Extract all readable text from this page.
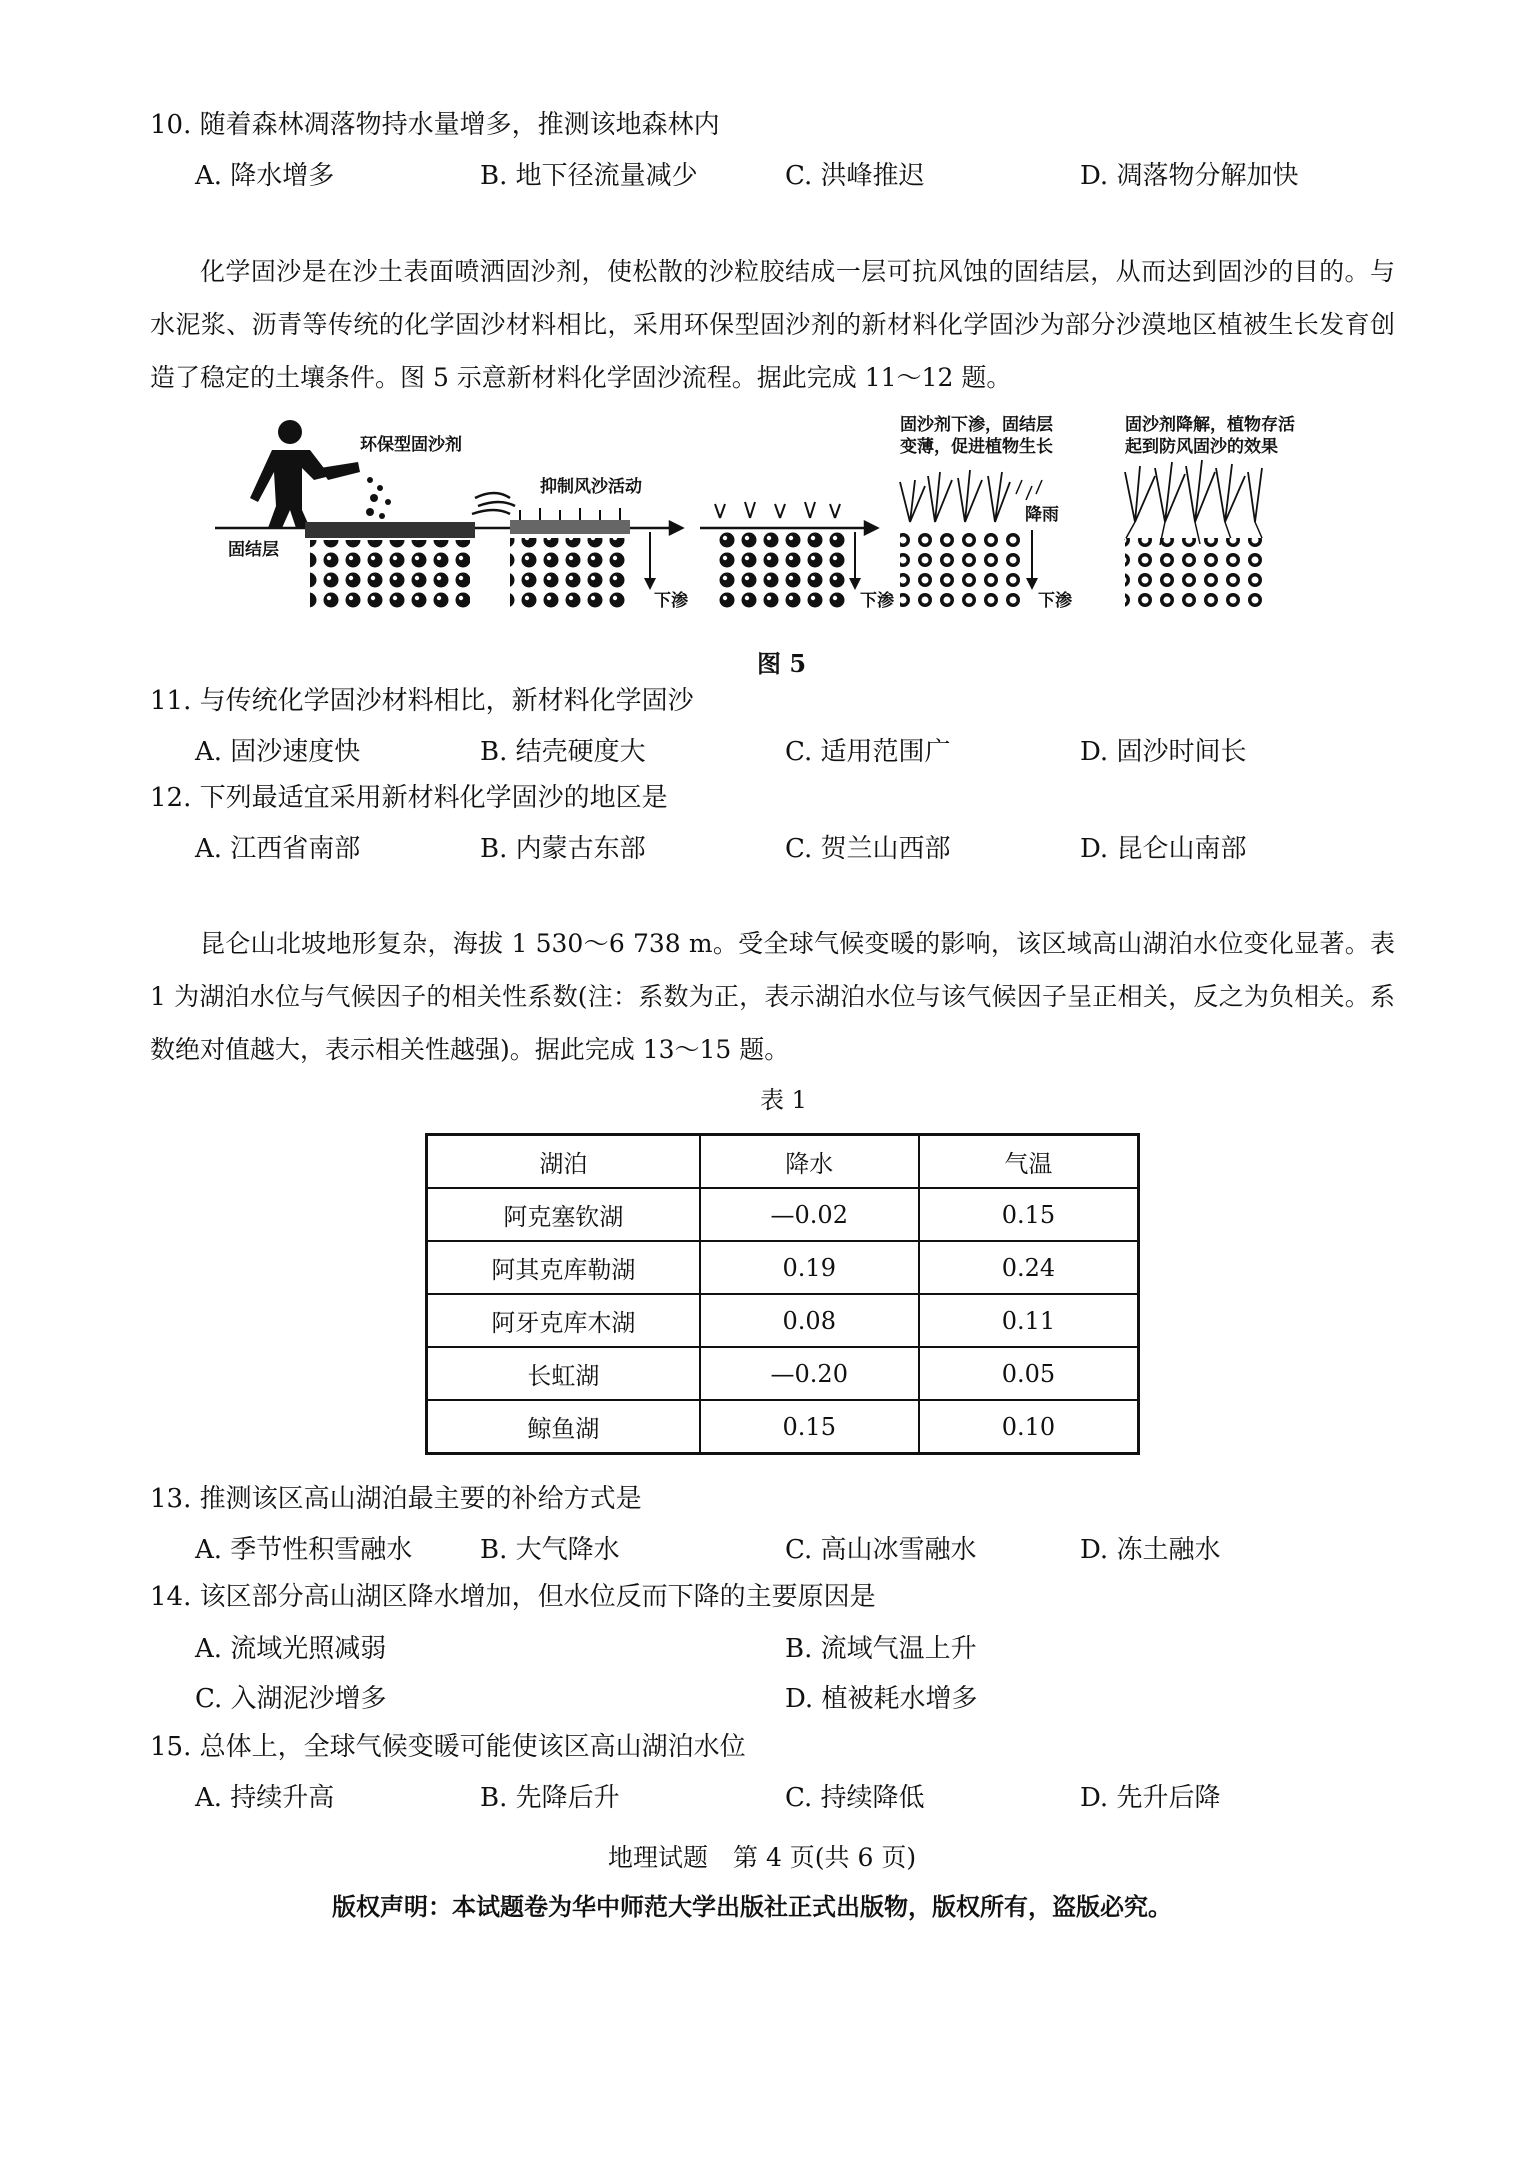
10. 随着森林凋落物持水量增多，推测该地森林内
A. 降水增多	B. 地下径流量减少	C. 洪峰推迟	D. 凋落物分解加快

化学固沙是在沙土表面喷洒固沙剂，使松散的沙粒胶结成一层可抗风蚀的固结层，从而达到固沙的目的。与水泥浆、沥青等传统的化学固沙材料相比，采用环保型固沙剂的新材料化学固沙为部分沙漠地区植被生长发育创造了稳定的土壤条件。图 5 示意新材料化学固沙流程。据此完成 11～12 题。

环保型固沙剂
固结层
抑制风沙活动
下渗	下渗
固沙剂下渗，固结层
变薄，促进植物生长
降雨
下渗
固沙剂降解，植物存活
起到防风固沙的效果
图 5
11. 与传统化学固沙材料相比，新材料化学固沙
A. 固沙速度快	B. 结壳硬度大	C. 适用范围广	D. 固沙时间长
12. 下列最适宜采用新材料化学固沙的地区是
A. 江西省南部	B. 内蒙古东部	C. 贺兰山西部	D. 昆仑山南部

昆仑山北坡地形复杂，海拔 1 530～6 738 m。受全球气候变暖的影响，该区域高山湖泊水位变化显著。表 1 为湖泊水位与气候因子的相关性系数(注：系数为正，表示湖泊水位与该气候因子呈正相关，反之为负相关。系数绝对值越大，表示相关性越强)。据此完成 13～15 题。

表 1
湖泊	降水	气温
阿克塞钦湖	—0.02	0.15
阿其克库勒湖	0.19	0.24
阿牙克库木湖	0.08	0.11
长虹湖	—0.20	0.05
鲸鱼湖	0.15	0.10
13. 推测该区高山湖泊最主要的补给方式是
A. 季节性积雪融水	B. 大气降水	C. 高山冰雪融水	D. 冻土融水
14. 该区部分高山湖区降水增加，但水位反而下降的主要原因是
A. 流域光照减弱	B. 流域气温上升
C. 入湖泥沙增多	D. 植被耗水增多
15. 总体上，全球气候变暖可能使该区高山湖泊水位
A. 持续升高	B. 先降后升	C. 持续降低	D. 先升后降
地理试题　第 4 页(共 6 页)
版权声明：本试题卷为华中师范大学出版社正式出版物，版权所有，盗版必究。
